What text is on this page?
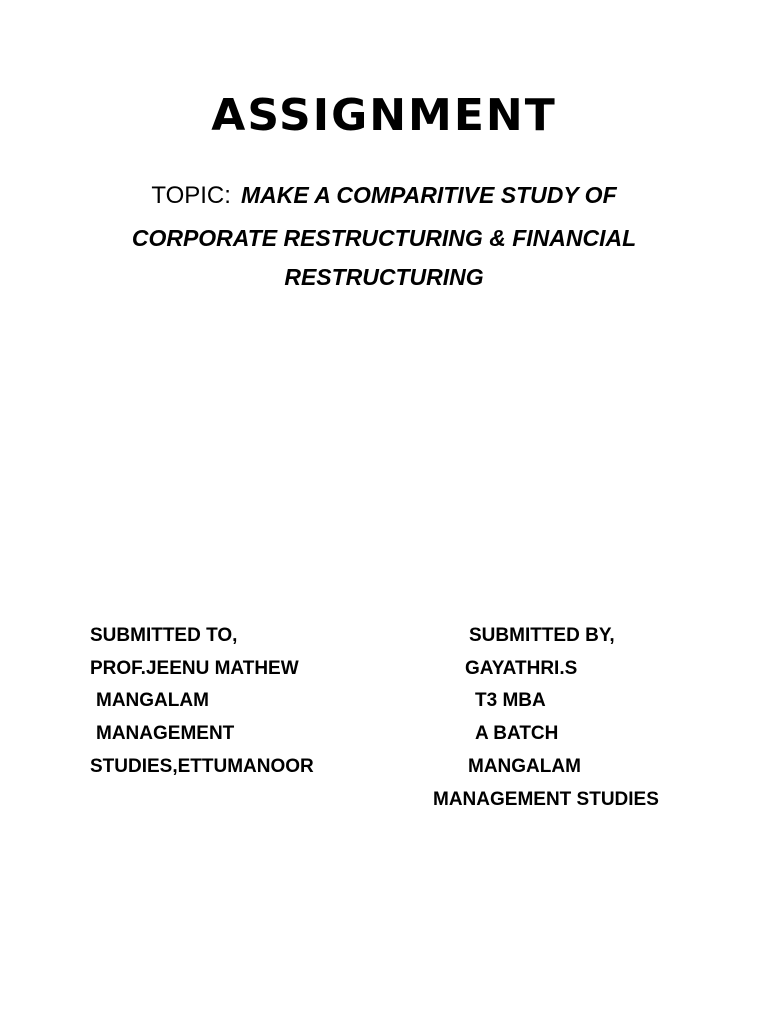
ASSIGNMENT
TOPIC: MAKE A COMPARITIVE STUDY OF
CORPORATE RESTRUCTURING & FINANCIAL
RESTRUCTURING
SUBMITTED TO,
PROF.JEENU MATHEW
MANGALAM
MANAGEMENT
STUDIES,ETTUMANOOR
SUBMITTED BY,
GAYATHRI.S
T3 MBA
A BATCH
MANGALAM
MANAGEMENT STUDIES
